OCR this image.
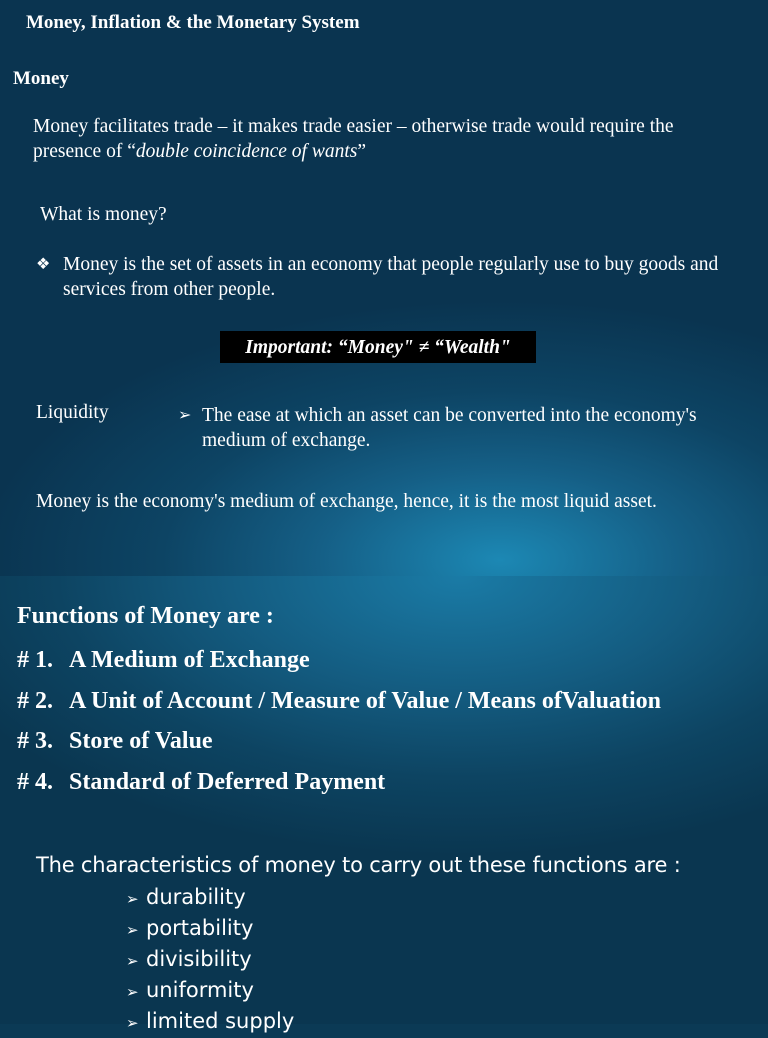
Money, Inflation & the Monetary System

Money

Money facilitates trade – it makes trade easier – otherwise trade would require the presence of “double coincidence of wants”

What is money?

❖ Money is the set of assets in an economy that people regularly use to buy goods and services from other people.
Important: “Money" ≠ “Wealth"

Liquidity	➢ The ease at which an asset can be converted into the economy's medium of exchange.

Money is the economy's medium of exchange, hence, it is the most liquid asset.

Functions of Money are :

# 1. A Medium of Exchange
# 2. A Unit of Account / Measure of Value / Means ofValuation
# 3. Store of Value
# 4. Standard of Deferred Payment

The characteristics of money to carry out these functions are :

➢ durability
➢ portability
➢ divisibility
➢ uniformity
➢ limited supply
